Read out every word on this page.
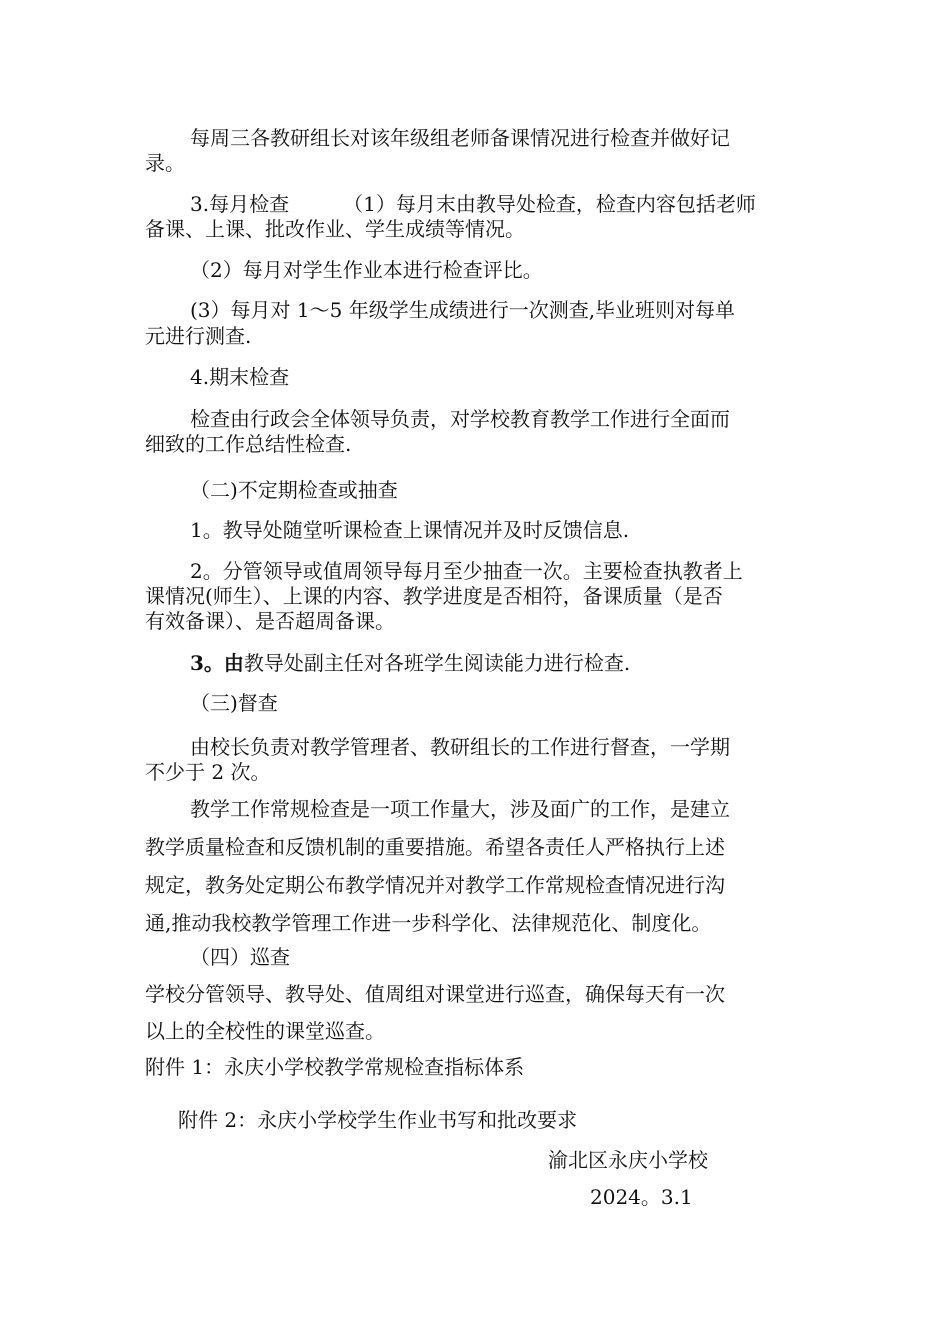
每周三各教研组长对该年级组老师备课情况进行检查并做好记
录。
3.每月检查	（1）每月末由教导处检查，检查内容包括老师
备课、上课、批改作业、学生成绩等情况。
（2）每月对学生作业本进行检查评比。
(3）每月对 1～5 年级学生成绩进行一次测查,毕业班则对每单
元进行测查.
4.期末检查
检查由行政会全体领导负责，对学校教育教学工作进行全面而
细致的工作总结性检查.
（二)不定期检查或抽查
1。教导处随堂听课检查上课情况并及时反馈信息.
2。分管领导或值周领导每月至少抽查一次。主要检查执教者上
课情况(师生）、上课的内容、教学进度是否相符，备课质量（是否
有效备课）、是否超周备课。
3。由教导处副主任对各班学生阅读能力进行检查.
（三)督查
由校长负责对教学管理者、教研组长的工作进行督查，一学期
不少于 2 次。
教学工作常规检查是一项工作量大，涉及面广的工作，是建立
教学质量检查和反馈机制的重要措施。希望各责任人严格执行上述
规定，教务处定期公布教学情况并对教学工作常规检查情况进行沟
通,推动我校教学管理工作进一步科学化、法律规范化、制度化。
（四）巡查
学校分管领导、教导处、值周组对课堂进行巡查，确保每天有一次
以上的全校性的课堂巡查。
附件 1：永庆小学校教学常规检查指标体系
附件 2：永庆小学校学生作业书写和批改要求
渝北区永庆小学校
2024。3.1
